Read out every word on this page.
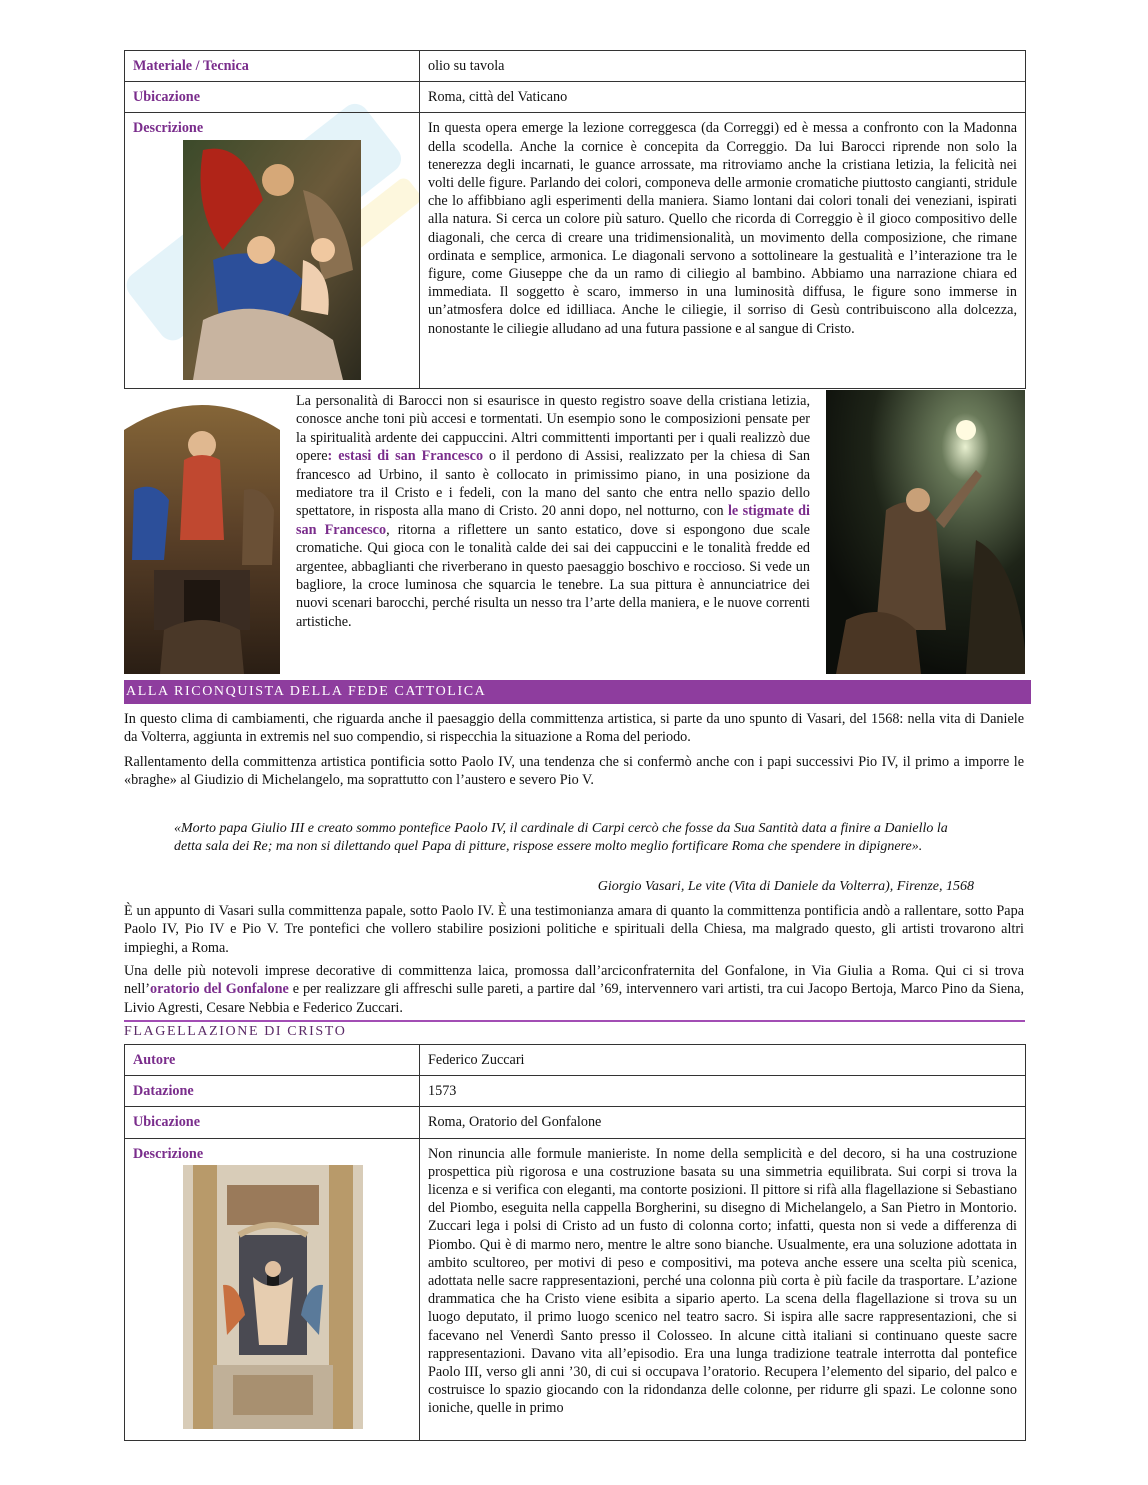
Materiale / Tecnica	olio su tavola
Ubicazione	Roma, città del Vaticano

Descrizione	In questa opera emerge la lezione correggesca (da Correggi) ed è messa a confronto con la Madonna della scodella. Anche la cornice è concepita da Correggio. Da lui Barocci riprende non solo la tenerezza degli incarnati, le guance arrossate, ma ritroviamo anche la cristiana letizia, la felicità nei volti delle figure. Parlando dei colori, componeva delle armonie cromatiche piuttosto cangianti, stridule che lo affibbiano agli esperimenti della maniera. Siamo lontani dai colori tonali dei veneziani, ispirati alla natura. Si cerca un colore più saturo. Quello che ricorda di Correggio è il gioco compositivo delle diagonali, che cerca di creare una tridimensionalità, un movimento della composizione, che rimane ordinata e semplice, armonica. Le diagonali servono a sottolineare la gestualità e l’interazione tra le figure, come Giuseppe che da un ramo di ciliegio al bambino. Abbiamo una narrazione chiara ed immediata. Il soggetto è scaro, immerso in una luminosità diffusa, le figure sono immerse in un’atmosfera dolce ed idilliaca. Anche le ciliegie, il sorriso di Gesù contribuiscono alla dolcezza, nonostante le ciliegie alludano ad una futura passione e al sangue di Cristo.
La personalità di Barocci non si esaurisce in questo registro soave della cristiana letizia, conosce anche toni più accesi e tormentati. Un esempio sono le composizioni pensate per la spiritualità ardente dei cappuccini. Altri committenti importanti per i quali realizzò due opere: estasi di san Francesco o il perdono di Assisi, realizzato per la chiesa di San francesco ad Urbino, il santo è collocato in primissimo piano, in una posizione da mediatore tra il Cristo e i fedeli, con la mano del santo che entra nello spazio dello spettatore, in risposta alla mano di Cristo. 20 anni dopo, nel notturno, con le stigmate di san Francesco, ritorna a riflettere un santo estatico, dove si espongono due scale cromatiche. Qui gioca con le tonalità calde dei sai dei cappuccini e le tonalità fredde ed argentee, abbaglianti che riverberano in questo paesaggio boschivo e roccioso. Si vede un bagliore, la croce luminosa che squarcia le tenebre. La sua pittura è annunciatrice dei nuovi scenari barocchi, perché risulta un nesso tra l’arte della maniera, e le nuove correnti artistiche.
ALLA RICONQUISTA DELLA FEDE CATTOLICA

In questo clima di cambiamenti, che riguarda anche il paesaggio della committenza artistica, si parte da uno spunto di Vasari, del 1568: nella vita di Daniele da Volterra, aggiunta in extremis nel suo compendio, si rispecchia la situazione a Roma del periodo.

Rallentamento della committenza artistica pontificia sotto Paolo IV, una tendenza che si confermò anche con i papi successivi Pio IV, il primo a imporre le «braghe» al Giudizio di Michelangelo, ma soprattutto con l’austero e severo Pio V.

«Morto papa Giulio III e creato sommo pontefice Paolo IV, il cardinale di Carpi cercò che fosse da Sua Santità data a finire a Daniello la detta sala dei Re; ma non si dilettando quel Papa di pitture, rispose essere molto meglio fortificare Roma che spendere in dipignere».

Giorgio Vasari, Le vite (Vita di Daniele da Volterra), Firenze, 1568

È un appunto di Vasari sulla committenza papale, sotto Paolo IV. È una testimonianza amara di quanto la committenza pontificia andò a rallentare, sotto Papa Paolo IV, Pio IV e Pio V. Tre pontefici che vollero stabilire posizioni politiche e spirituali della Chiesa, ma malgrado questo, gli artisti trovarono altri impieghi, a Roma.

Una delle più notevoli imprese decorative di committenza laica, promossa dall’arciconfraternita del Gonfalone, in Via Giulia a Roma. Qui ci si trova nell’oratorio del Gonfalone e per realizzare gli affreschi sulle pareti, a partire dal ’69, intervennero vari artisti, tra cui Jacopo Bertoja, Marco Pino da Siena, Livio Agresti, Cesare Nebbia e Federico Zuccari.

FLAGELLAZIONE DI CRISTO
Autore	Federico Zuccari
Datazione	1573
Ubicazione	Roma, Oratorio del Gonfalone

Descrizione	Non rinuncia alle formule manieriste. In nome della semplicità e del decoro, si ha una costruzione prospettica più rigorosa e una costruzione basata su una simmetria equilibrata. Sui corpi si trova la licenza e si verifica con eleganti, ma contorte posizioni. Il pittore si rifà alla flagellazione si Sebastiano del Piombo, eseguita nella cappella Borgherini, su disegno di Michelangelo, a San Pietro in Montorio. Zuccari lega i polsi di Cristo ad un fusto di colonna corto; infatti, questa non si vede a differenza di Piombo. Qui è di marmo nero, mentre le altre sono bianche. Usualmente, era una soluzione adottata in ambito scultoreo, per motivi di peso e compositivi, ma poteva anche essere una scelta più scenica, adottata nelle sacre rappresentazioni, perché una colonna più corta è più facile da trasportare. L’azione drammatica che ha Cristo viene esibita a sipario aperto. La scena della flagellazione si trova su un luogo deputato, il primo luogo scenico nel teatro sacro. Si ispira alle sacre rappresentazioni, che si facevano nel Venerdì Santo presso il Colosseo. In alcune città italiani si continuano queste sacre rappresentazioni. Davano vita all’episodio. Era una lunga tradizione teatrale interrotta dal pontefice Paolo III, verso gli anni ’30, di cui si occupava l’oratorio. Recupera l’elemento del sipario, del palco e costruisce lo spazio giocando con la ridondanza delle colonne, per ridurre gli spazi. Le colonne sono ioniche, quelle in primo
